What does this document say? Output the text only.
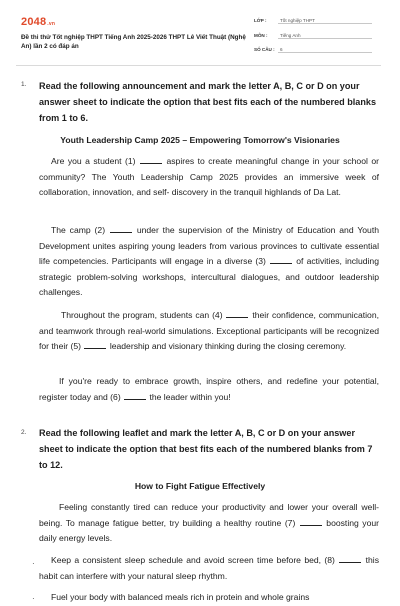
2048.vn
Đề thi thử Tốt nghiệp THPT Tiếng Anh 2025-2026 THPT Lê Viết Thuật (Nghệ An) lần 2 có đáp án
LỚP :	Tốt nghiệp THPT
MÔN :	Tiếng Anh
SỐ CÂU : 6
1. Read the following announcement and mark the letter A, B, C or D on your answer sheet to indicate the option that best fits each of the numbered blanks from 1 to 6.
Youth Leadership Camp 2025 – Empowering Tomorrow's Visionaries
Are you a student (1)	aspires to create meaningful change in your school or community? The Youth Leadership Camp 2025 provides an immersive week of collaboration, innovation, and self- discovery in the tranquil highlands of Da Lat.
The camp (2)	under the supervision of the Ministry of Education and Youth Development unites aspiring young leaders from various provinces to cultivate essential life competencies. Participants will engage in a diverse (3)	of activities, including strategic problem-solving workshops, intercultural dialogues, and outdoor leadership challenges.
Throughout the program, students can (4)	their confidence, communication, and teamwork through real-world simulations. Exceptional participants will be recognized for their (5)	leadership and visionary thinking during the closing ceremony.
If you're ready to embrace growth, inspire others, and redefine your potential, register today and (6)	the leader within you!
2. Read the following leaflet and mark the letter A, B, C or D on your answer sheet to indicate the option that best fits each of the numbered blanks from 7 to 12.
How to Fight Fatigue Effectively
Feeling constantly tired can reduce your productivity and lower your overall well-being. To manage fatigue better, try building a healthy routine (7)	boosting your daily energy levels.
·	Keep a consistent sleep schedule and avoid screen time before bed, (8)	this habit can interfere with your natural sleep rhythm.
·	Fuel your body with balanced meals rich in protein and whole grains
